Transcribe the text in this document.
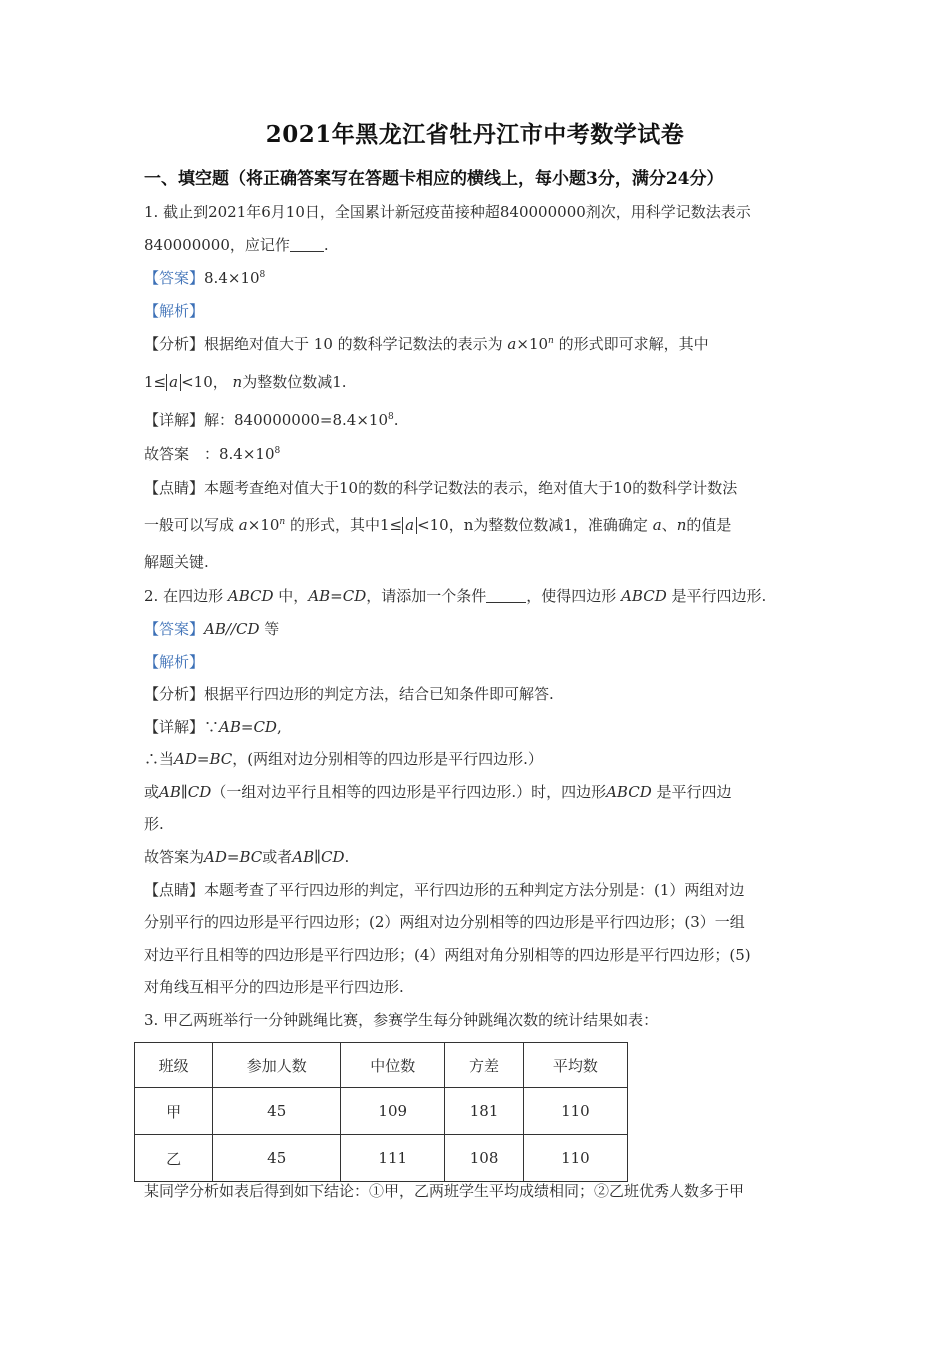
2021年黑龙江省牡丹江市中考数学试卷
一、填空题（将正确答案写在答题卡相应的横线上，每小题3分，满分24分）
1. 截止到2021年6月10日，全国累计新冠疫苗接种超840000000剂次，用科学记数法表示
840000000，应记作 .
【答案】$8.4\times 10^8$
【解析】
【分析】根据绝对值大于 10 的数科学记数法的表示为 $a\times 10^n$ 的形式即可求解，其中
1≤ a <10， n为整数位数减1.
【详解】解：$840000000=8.4\times 10^8$.
故答案　：$8.4\times 10^8$
【点睛】本题考查绝对值大于10的数的科学记数法的表示，绝对值大于10的数科学计数法
一般可以写成 $a\times 10^n$ 的形式，其中1≤ a <10，n为整数位数减1，准确确定 a、n的值是
解题关键.
2. 在四边形 ABCD 中，AB=CD，请添加一个条件	，使得四边形 ABCD 是平行四边形.
【答案】AB//CD 等
【解析】
【分析】根据平行四边形的判定方法，结合已知条件即可解答.
【详解】∵AB=CD,
∴当AD=BC，(两组对边分别相等的四边形是平行四边形.）
或AB∥CD（一组对边平行且相等的四边形是平行四边形.）时，四边形ABCD 是平行四边
形.
故答案为AD=BC或者AB∥CD.
【点睛】本题考查了平行四边形的判定，平行四边形的五种判定方法分别是：(1）两组对边
分别平行的四边形是平行四边形；(2）两组对边分别相等的四边形是平行四边形；(3）一组
对边平行且相等的四边形是平行四边形；(4）两组对角分别相等的四边形是平行四边形；(5)
对角线互相平分的四边形是平行四边形.
3. 甲乙两班举行一分钟跳绳比赛，参赛学生每分钟跳绳次数的统计结果如表：
班级	参加人数	中位数	方差	平均数
甲	45	109	181	110
乙	45	111	108	110
某同学分析如表后得到如下结论：①甲，乙两班学生平均成绩相同；②乙班优秀人数多于甲
